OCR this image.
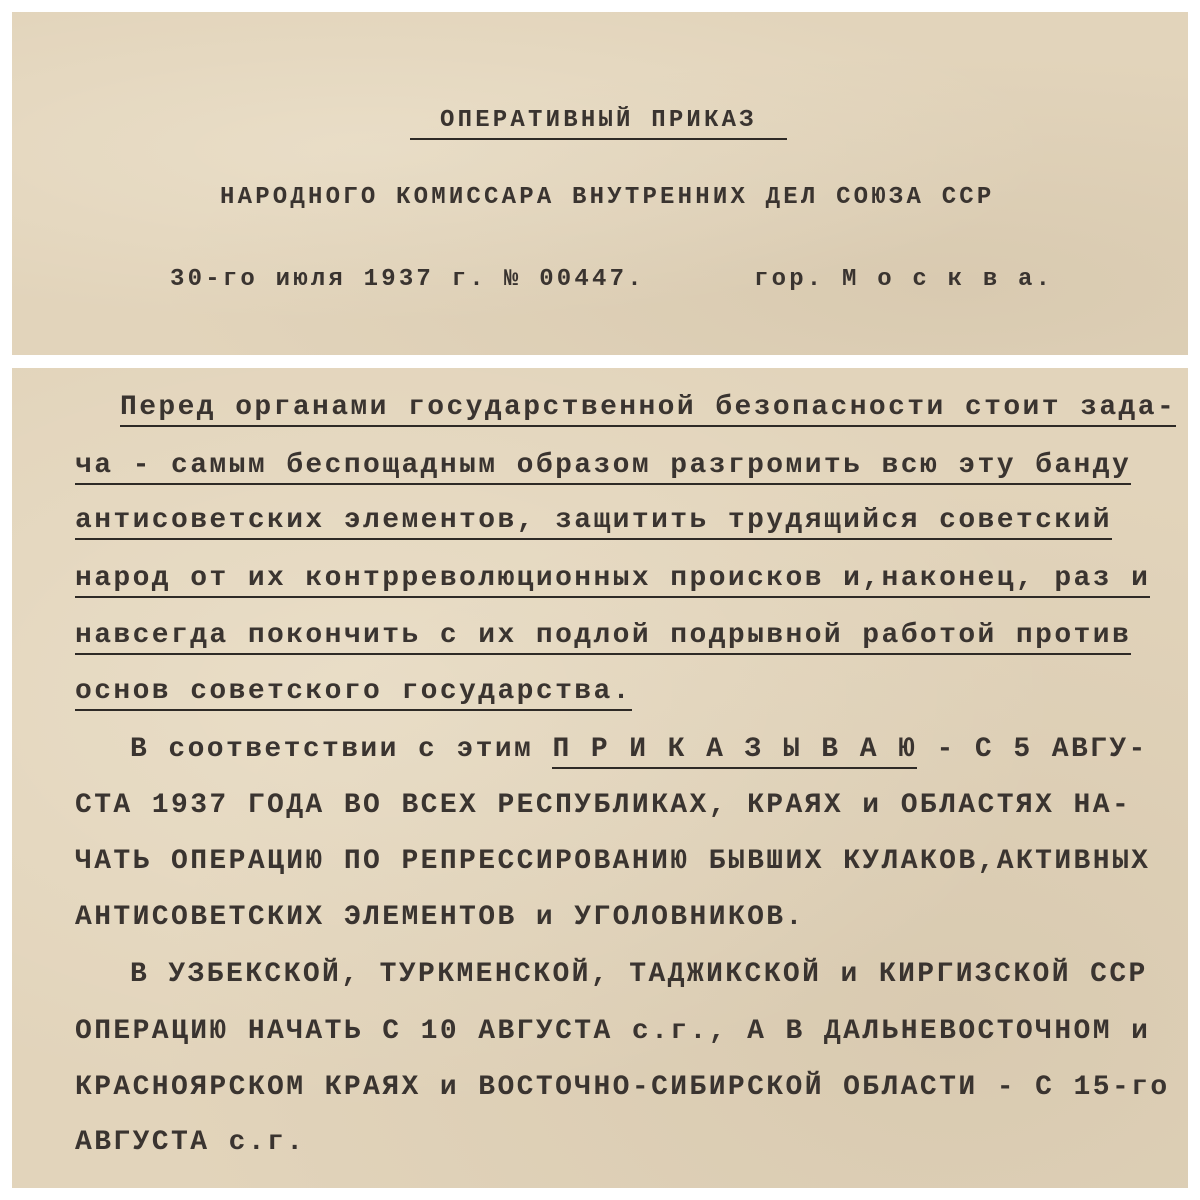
ОПЕРАТИВНЫЙ ПРИКАЗ
НАРОДНОГО КОМИССАРА ВНУТРЕННИХ ДЕЛ СОЮЗА ССР
30-го июля 1937 г. № 00447.	гор. М о с к в а.
Перед органами государственной безопасности стоит зада-
ча - самым беспощадным образом разгромить всю эту банду
антисоветских элементов, защитить трудящийся советский
народ от их контрреволюционных происков и,наконец, раз и
навсегда покончить с их подлой подрывной работой против
основ советского государства.
В соответствии с этим П Р И К А З Ы В А Ю - С 5 АВГУ-
СТА 1937 ГОДА ВО ВСЕХ РЕСПУБЛИКАХ, КРАЯХ и ОБЛАСТЯХ НА-
ЧАТЬ ОПЕРАЦИЮ ПО РЕПРЕССИРОВАНИЮ БЫВШИХ КУЛАКОВ,АКТИВНЫХ
АНТИСОВЕТСКИХ ЭЛЕМЕНТОВ и УГОЛОВНИКОВ.
В УЗБЕКСКОЙ, ТУРКМЕНСКОЙ, ТАДЖИКСКОЙ и КИРГИЗСКОЙ ССР
ОПЕРАЦИЮ НАЧАТЬ С 10 АВГУСТА с.г., А В ДАЛЬНЕВОСТОЧНОМ и
КРАСНОЯРСКОМ КРАЯХ и ВОСТОЧНО-СИБИРСКОЙ ОБЛАСТИ - С 15-го
АВГУСТА с.г.
